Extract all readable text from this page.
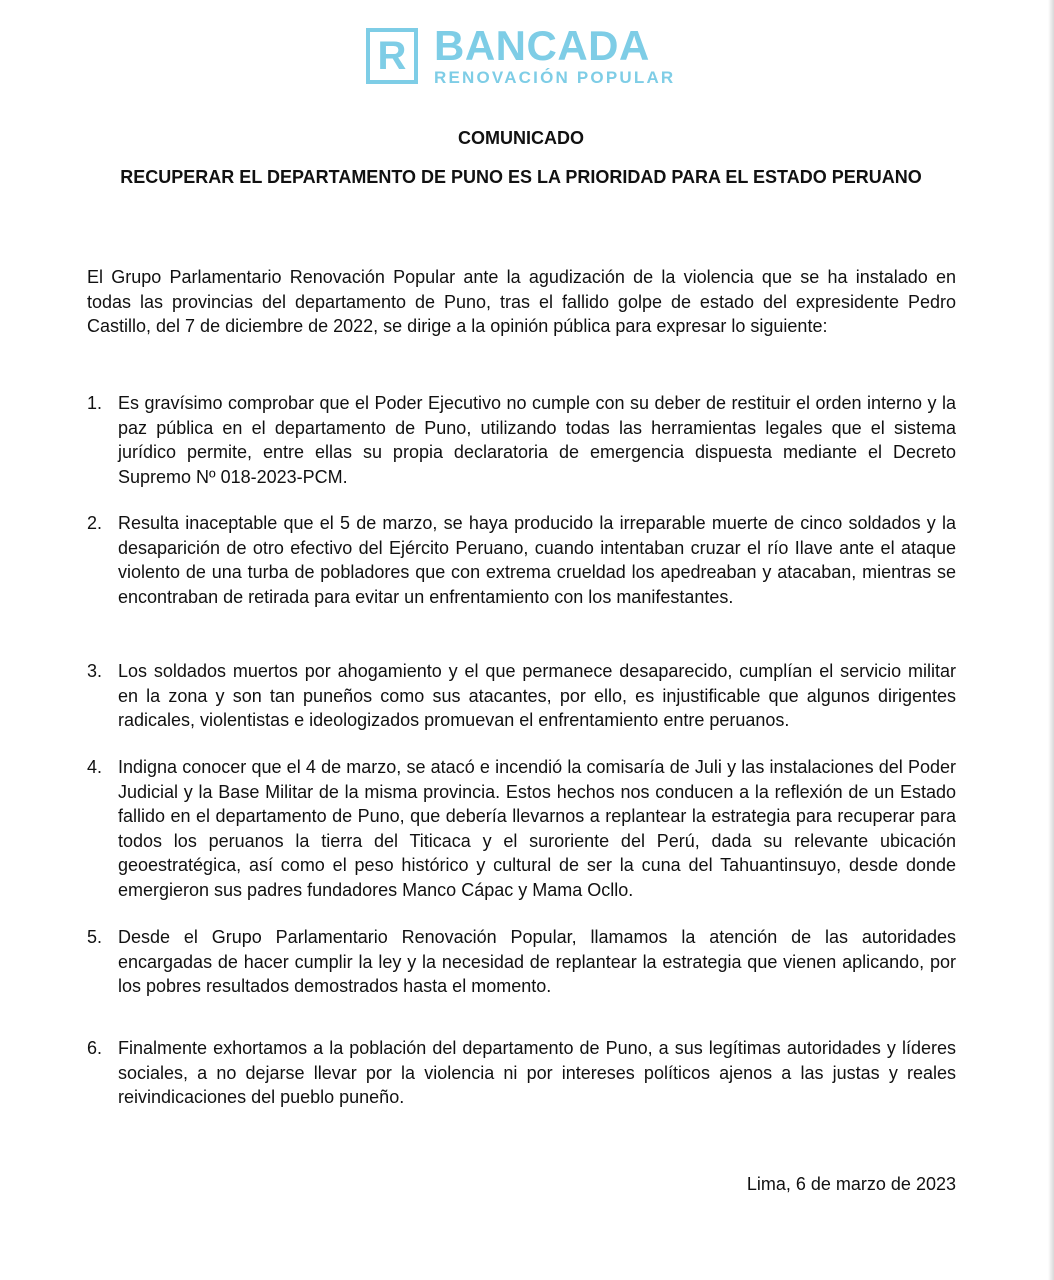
R BANCADA
RENOVACIÓN POPULAR
COMUNICADO
RECUPERAR EL DEPARTAMENTO DE PUNO ES LA PRIORIDAD PARA EL ESTADO PERUANO

El Grupo Parlamentario Renovación Popular ante la agudización de la violencia que se ha instalado en todas las provincias del departamento de Puno, tras el fallido golpe de estado del expresidente Pedro Castillo, del 7 de diciembre de 2022, se dirige a la opinión pública para expresar lo siguiente:

1. Es gravísimo comprobar que el Poder Ejecutivo no cumple con su deber de restituir el orden interno y la paz pública en el departamento de Puno, utilizando todas las herramientas legales que el sistema jurídico permite, entre ellas su propia declaratoria de emergencia dispuesta mediante el Decreto Supremo Nº 018-2023-PCM.
2. Resulta inaceptable que el 5 de marzo, se haya producido la irreparable muerte de cinco soldados y la desaparición de otro efectivo del Ejército Peruano, cuando intentaban cruzar el río Ilave ante el ataque violento de una turba de pobladores que con extrema crueldad los apedreaban y atacaban, mientras se encontraban de retirada para evitar un enfrentamiento con los manifestantes.
3. Los soldados muertos por ahogamiento y el que permanece desaparecido, cumplían el servicio militar en la zona y son tan puneños como sus atacantes, por ello, es injustificable que algunos dirigentes radicales, violentistas e ideologizados promuevan el enfrentamiento entre peruanos.
4. Indigna conocer que el 4 de marzo, se atacó e incendió la comisaría de Juli y las instalaciones del Poder Judicial y la Base Militar de la misma provincia. Estos hechos nos conducen a la reflexión de un Estado fallido en el departamento de Puno, que debería llevarnos a replantear la estrategia para recuperar para todos los peruanos la tierra del Titicaca y el suroriente del Perú, dada su relevante ubicación geoestratégica, así como el peso histórico y cultural de ser la cuna del Tahuantinsuyo, desde donde emergieron sus padres fundadores Manco Cápac y Mama Ocllo.
5. Desde el Grupo Parlamentario Renovación Popular, llamamos la atención de las autoridades encargadas de hacer cumplir la ley y la necesidad de replantear la estrategia que vienen aplicando, por los pobres resultados demostrados hasta el momento.
6. Finalmente exhortamos a la población del departamento de Puno, a sus legítimas autoridades y líderes sociales, a no dejarse llevar por la violencia ni por intereses políticos ajenos a las justas y reales reivindicaciones del pueblo puneño.
Lima, 6 de marzo de 2023
